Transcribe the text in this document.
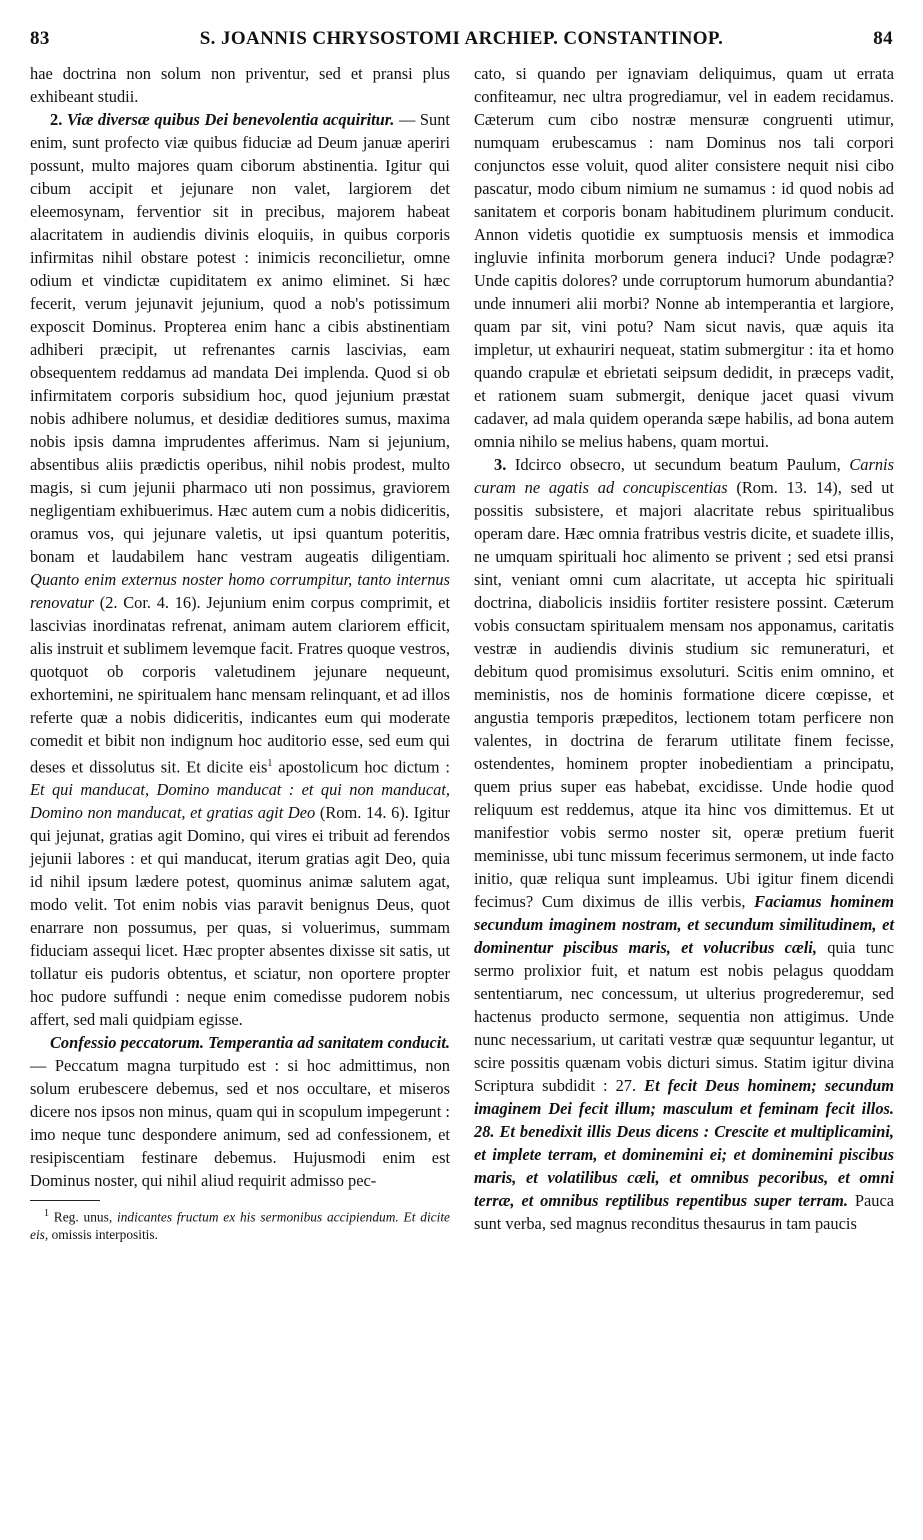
83	S. JOANNIS CHRYSOSTOMI ARCHIEP. CONSTANTINOP.	84

hae doctrina non solum non priventur, sed et pransi plus exhibeant studii.

2. Viæ diversæ quibus Dei benevolentia acquiritur. — Sunt enim, sunt profecto viæ quibus fiduciæ ad Deum januæ aperiri possunt, multo majores quam ciborum abstinentia. Igitur qui cibum accipit et jejunare non valet, largiorem det eleemosynam, ferventior sit in precibus, majorem habeat alacritatem in audiendis divinis eloquiis, in quibus corporis infirmitas nihil obstare potest : inimicis reconcilietur, omne odium et vindictæ cupiditatem ex animo eliminet. Si hæc fecerit, verum jejunavit jejunium, quod a nob's potissimum exposcit Dominus. Propterea enim hanc a cibis abstinentiam adhiberi præcipit, ut refrenantes carnis lascivias, eam obsequentem reddamus ad mandata Dei implenda. Quod si ob infirmitatem corporis subsidium hoc, quod jejunium præstat nobis adhibere nolumus, et desidiæ deditiores sumus, maxima nobis ipsis damna imprudentes afferimus. Nam si jejunium, absentibus aliis prædictis operibus, nihil nobis prodest, multo magis, si cum jejunii pharmaco uti non possimus, graviorem negligentiam exhibuerimus. Hæc autem cum a nobis didiceritis, oramus vos, qui jejunare valetis, ut ipsi quantum poteritis, bonam et laudabilem hanc vestram augeatis diligentiam. Quanto enim externus noster homo corrumpitur, tanto internus renovatur (2. Cor. 4. 16). Jejunium enim corpus comprimit, et lascivias inordinatas refrenat, animam autem clariorem efficit, alis instruit et sublimem levemque facit. Fratres quoque vestros, quotquot ob corporis valetudinem jejunare nequeunt, exhortemini, ne spiritualem hanc mensam relinquant, et ad illos referte quæ a nobis didiceritis, indicantes eum qui moderate comedit et bibit non indignum hoc auditorio esse, sed eum qui deses et dissolutus sit. Et dicite eis$^1$ apostolicum hoc dictum : Et qui manducat, Domino manducat : et qui non manducat, Domino non manducat, et gratias agit Deo (Rom. 14. 6). Igitur qui jejunat, gratias agit Domino, qui vires ei tribuit ad ferendos jejunii labores : et qui manducat, iterum gratias agit Deo, quia id nihil ipsum lædere potest, quominus animæ salutem agat, modo velit. Tot enim nobis vias paravit benignus Deus, quot enarrare non possumus, per quas, si voluerimus, summam fiduciam assequi licet. Hæc propter absentes dixisse sit satis, ut tollatur eis pudoris obtentus, et sciatur, non oportere propter hoc pudore suffundi : neque enim comedisse pudorem nobis affert, sed mali quidpiam egisse.

Confessio peccatorum. Temperantia ad sanitatem conducit. — Peccatum magna turpitudo est : si hoc admittimus, non solum erubescere debemus, sed et nos occultare, et miseros dicere nos ipsos non minus, quam qui in scopulum impegerunt : imo neque tunc despondere animum, sed ad confessionem, et resipiscentiam festinare debemus. Hujusmodi enim est Dominus noster, qui nihil aliud requirit admisso pec-

$^1$ Reg. unus, indicantes fructum ex his sermonibus accipiendum. Et dicite eis, omissis interpositis.

cato, si quando per ignaviam deliquimus, quam ut errata confiteamur, nec ultra progrediamur, vel in eadem recidamus. Cæterum cum cibo nostræ mensuræ congruenti utimur, numquam erubescamus : nam Dominus nos tali corpori conjunctos esse voluit, quod aliter consistere nequit nisi cibo pascatur, modo cibum nimium ne sumamus : id quod nobis ad sanitatem et corporis bonam habitudinem plurimum conducit. Annon videtis quotidie ex sumptuosis mensis et immodica ingluvie infinita morborum genera induci? Unde podagræ? Unde capitis dolores? unde corruptorum humorum abundantia? unde innumeri alii morbi? Nonne ab intemperantia et largiore, quam par sit, vini potu? Nam sicut navis, quæ aquis ita impletur, ut exhauriri nequeat, statim submergitur : ita et homo quando crapulæ et ebrietati seipsum dedidit, in præceps vadit, et rationem suam submergit, denique jacet quasi vivum cadaver, ad mala quidem operanda sæpe habilis, ad bona autem omnia nihilo se melius habens, quam mortui.

3. Idcirco obsecro, ut secundum beatum Paulum, Carnis curam ne agatis ad concupiscentias (Rom. 13. 14), sed ut possitis subsistere, et majori alacritate rebus spiritualibus operam dare. Hæc omnia fratribus vestris dicite, et suadete illis, ne umquam spirituali hoc alimento se privent ; sed etsi pransi sint, veniant omni cum alacritate, ut accepta hic spirituali doctrina, diabolicis insidiis fortiter resistere possint. Cæterum vobis consuctam spiritualem mensam nos apponamus, caritatis vestræ in audiendis divinis studium sic remuneraturi, et debitum quod promisimus exsoluturi. Scitis enim omnino, et meministis, nos de hominis formatione dicere cœpisse, et angustia temporis præpeditos, lectionem totam perficere non valentes, in doctrina de ferarum utilitate finem fecisse, ostendentes, hominem propter inobedientiam a principatu, quem prius super eas habebat, excidisse. Unde hodie quod reliquum est reddemus, atque ita hinc vos dimittemus. Et ut manifestior vobis sermo noster sit, operæ pretium fuerit meminisse, ubi tunc missum fecerimus sermonem, ut inde facto initio, quæ reliqua sunt impleamus. Ubi igitur finem dicendi fecimus? Cum diximus de illis verbis, Faciamus hominem secundum imaginem nostram, et secundum similitudinem, et dominentur piscibus maris, et volucribus cæli, quia tunc sermo prolixior fuit, et natum est nobis pelagus quoddam sententiarum, nec concessum, ut ulterius progrederemur, sed hactenus producto sermone, sequentia non attigimus. Unde nunc necessarium, ut caritati vestræ quæ sequuntur legantur, ut scire possitis quænam vobis dicturi simus. Statim igitur divina Scriptura subdidit : 27. Et fecit Deus hominem; secundum imaginem Dei fecit illum; masculum et feminam fecit illos. 28. Et benedixit illis Deus dicens : Crescite et multiplicamini, et implete terram, et dominemini ei; et dominemini piscibus maris, et volatilibus cæli, et omnibus pecoribus, et omni terræ, et omnibus reptilibus repentibus super terram. Pauca sunt verba, sed magnus reconditus thesaurus in tam paucis
